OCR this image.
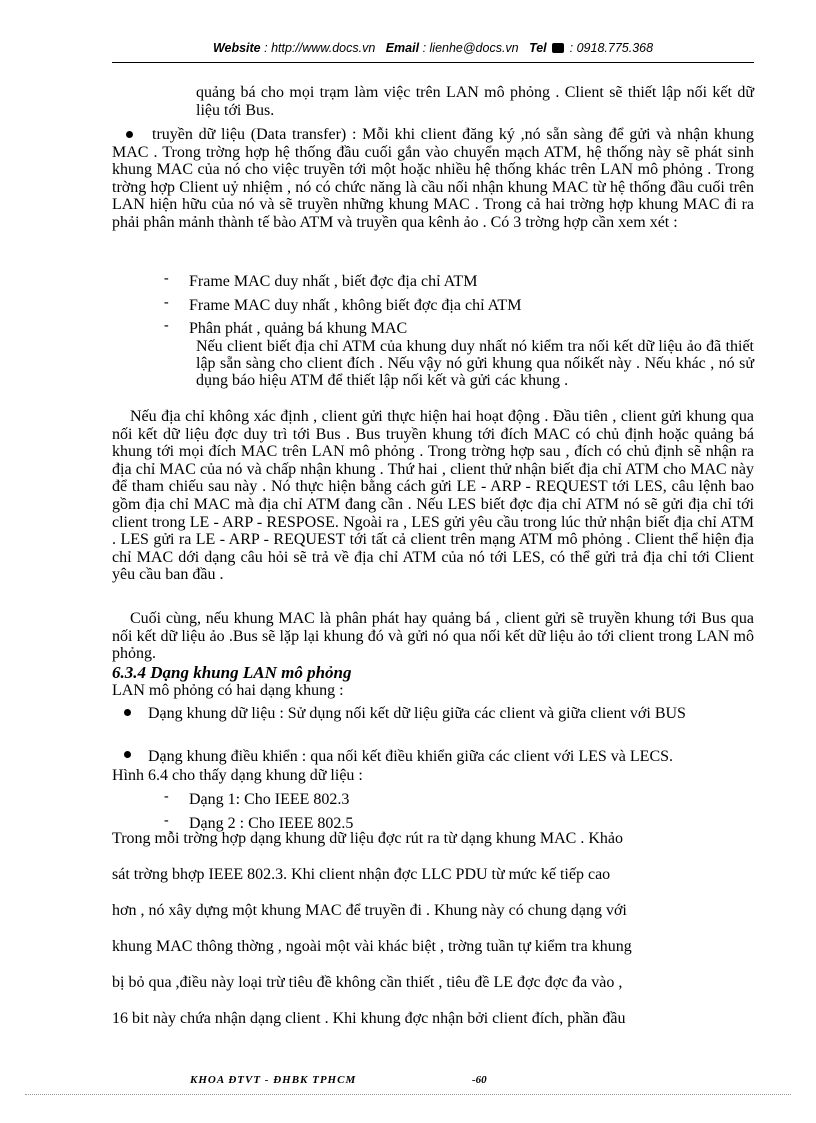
Website : http://www.docs.vn Email : lienhe@docs.vn Tel : 0918.775.368

quảng bá cho mọi trạm làm việc trên LAN mô phỏng . Client sẽ thiết lập nối kết dữ liệu tới Bus.

truyền dữ liệu (Data transfer) : Mỗi khi client đăng ký ,nó sẵn sàng để gửi và nhận khung MAC . Trong trờng hợp hệ thống đầu cuối gắn vào chuyển mạch ATM, hệ thống này sẽ phát sinh khung MAC của nó cho việc truyền tới một hoặc nhiều hệ thống khác trên LAN mô phỏng . Trong trờng hợp Client uỷ nhiệm , nó có chức năng là cầu nối nhận khung MAC từ hệ thống đầu cuối trên LAN hiện hữu của nó và sẽ truyền những khung MAC . Trong cả hai trờng hợp khung MAC đi ra phải phân mảnh thành tế bào ATM và truyền qua kênh ảo . Có 3 trờng hợp cần xem xét :

- Frame MAC duy nhất , biết đợc địa chỉ ATM

- Frame MAC duy nhất , không biết đợc địa chỉ ATM

- Phân phát , quảng bá khung MAC

Nếu client biết địa chỉ ATM của khung duy nhất nó kiểm tra nối kết dữ liệu ảo đã thiết lập sẵn sàng cho client đích . Nếu vậy nó gửi khung qua nốikết này . Nếu khác , nó sử dụng báo hiệu ATM để thiết lập nối kết và gửi các khung .

Nếu địa chỉ không xác định , client gửi thực hiện hai hoạt động . Đầu tiên , client gửi khung qua nối kết dữ liệu đợc duy trì tới Bus . Bus truyền khung tới đích MAC có chủ định hoặc quảng bá khung tới mọi đích MAC trên LAN mô phỏng . Trong trờng hợp sau , đích có chủ định sẽ nhận ra địa chỉ MAC của nó và chấp nhận khung . Thứ hai , client thử nhận biết địa chỉ ATM cho MAC này để tham chiếu sau này . Nó thực hiện bằng cách gửi LE - ARP - REQUEST tới LES, câu lệnh bao gồm địa chỉ MAC mà địa chỉ ATM đang cần . Nếu LES biết đợc địa chỉ ATM nó sẽ gửi địa chỉ tới client trong LE - ARP - RESPOSE. Ngoài ra , LES gửi yêu cầu trong lúc thử nhận biết địa chỉ ATM . LES gửi ra LE - ARP - REQUEST tới tất cả client trên mạng ATM mô phỏng . Client thể hiện địa chỉ MAC dới dạng câu hỏi sẽ trả về địa chỉ ATM của nó tới LES, có thể gửi trả địa chỉ tới Client yêu cầu ban đầu .

Cuối cùng, nếu khung MAC là phân phát hay quảng bá , client gửi sẽ truyền khung tới Bus qua nối kết dữ liệu ảo .Bus sẽ lặp lại khung đó và gửi nó qua nối kết dữ liệu ảo tới client trong LAN mô phỏng.

6.3.4 Dạng khung LAN mô phỏng

LAN mô phỏng có hai dạng khung :

Dạng khung dữ liệu : Sử dụng nối kết dữ liệu giữa các client và giữa client với BUS

Dạng khung điều khiển : qua nối kết điều khiển giữa các client với LES và LECS.

Hình 6.4 cho thấy dạng khung dữ liệu :

- Dạng 1: Cho IEEE 802.3

- Dạng 2 : Cho IEEE 802.5

Trong mỗi trờng hợp dạng khung dữ liệu đợc rút ra từ dạng khung MAC . Khảo

sát trờng bhợp IEEE 802.3. Khi client nhận đợc LLC PDU từ mức kế tiếp cao

hơn , nó xây dựng một khung MAC để truyền đi . Khung này có chung dạng với

khung MAC thông thờng , ngoài một vài khác biệt , trờng tuần tự kiểm tra khung

bị bỏ qua ,điều này loại trừ tiêu đề không cần thiết , tiêu đề LE đợc đợc đa vào ,

16 bit này chứa nhận dạng client . Khi khung đợc nhận bởi client đích, phần đầu

KHOA ĐTVT - ĐHBK TPHCM	-60
